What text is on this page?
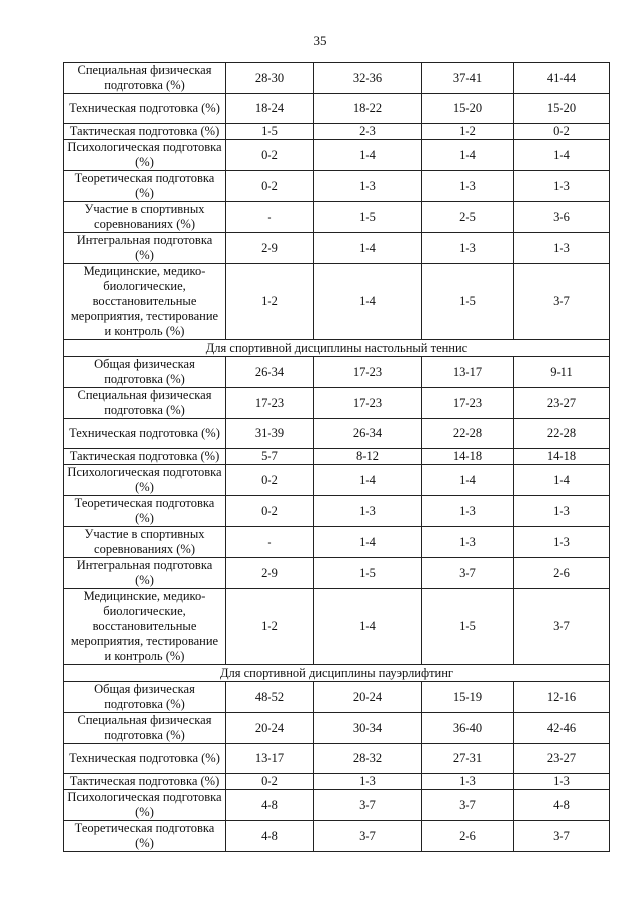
35
Специальная физическая подготовка (%)	28-30	32-36	37-41	41-44
Техническая подготовка (%)	18-24	18-22	15-20	15-20
Тактическая подготовка (%)	1-5	2-3	1-2	0-2
Психологическая подготовка (%)	0-2	1-4	1-4	1-4
Теоретическая подготовка (%)	0-2	1-3	1-3	1-3
Участие в спортивных соревнованиях (%)	-	1-5	2-5	3-6
Интегральная подготовка (%)	2-9	1-4	1-3	1-3
Медицинские, медико-биологические, восстановительные мероприятия, тестирование и контроль (%)	1-2	1-4	1-5	3-7
Для спортивной дисциплины настольный теннис				
Общая физическая подготовка (%)	26-34	17-23	13-17	9-11
Специальная физическая подготовка (%)	17-23	17-23	17-23	23-27
Техническая подготовка (%)	31-39	26-34	22-28	22-28
Тактическая подготовка (%)	5-7	8-12	14-18	14-18
Психологическая подготовка (%)	0-2	1-4	1-4	1-4
Теоретическая подготовка (%)	0-2	1-3	1-3	1-3
Участие в спортивных соревнованиях (%)	-	1-4	1-3	1-3
Интегральная подготовка (%)	2-9	1-5	3-7	2-6
Медицинские, медико-биологические, восстановительные мероприятия, тестирование и контроль (%)	1-2	1-4	1-5	3-7
Для спортивной дисциплины пауэрлифтинг				
Общая физическая подготовка (%)	48-52	20-24	15-19	12-16
Специальная физическая подготовка (%)	20-24	30-34	36-40	42-46
Техническая подготовка (%)	13-17	28-32	27-31	23-27
Тактическая подготовка (%)	0-2	1-3	1-3	1-3
Психологическая подготовка (%)	4-8	3-7	3-7	4-8
Теоретическая подготовка (%)	4-8	3-7	2-6	3-7
